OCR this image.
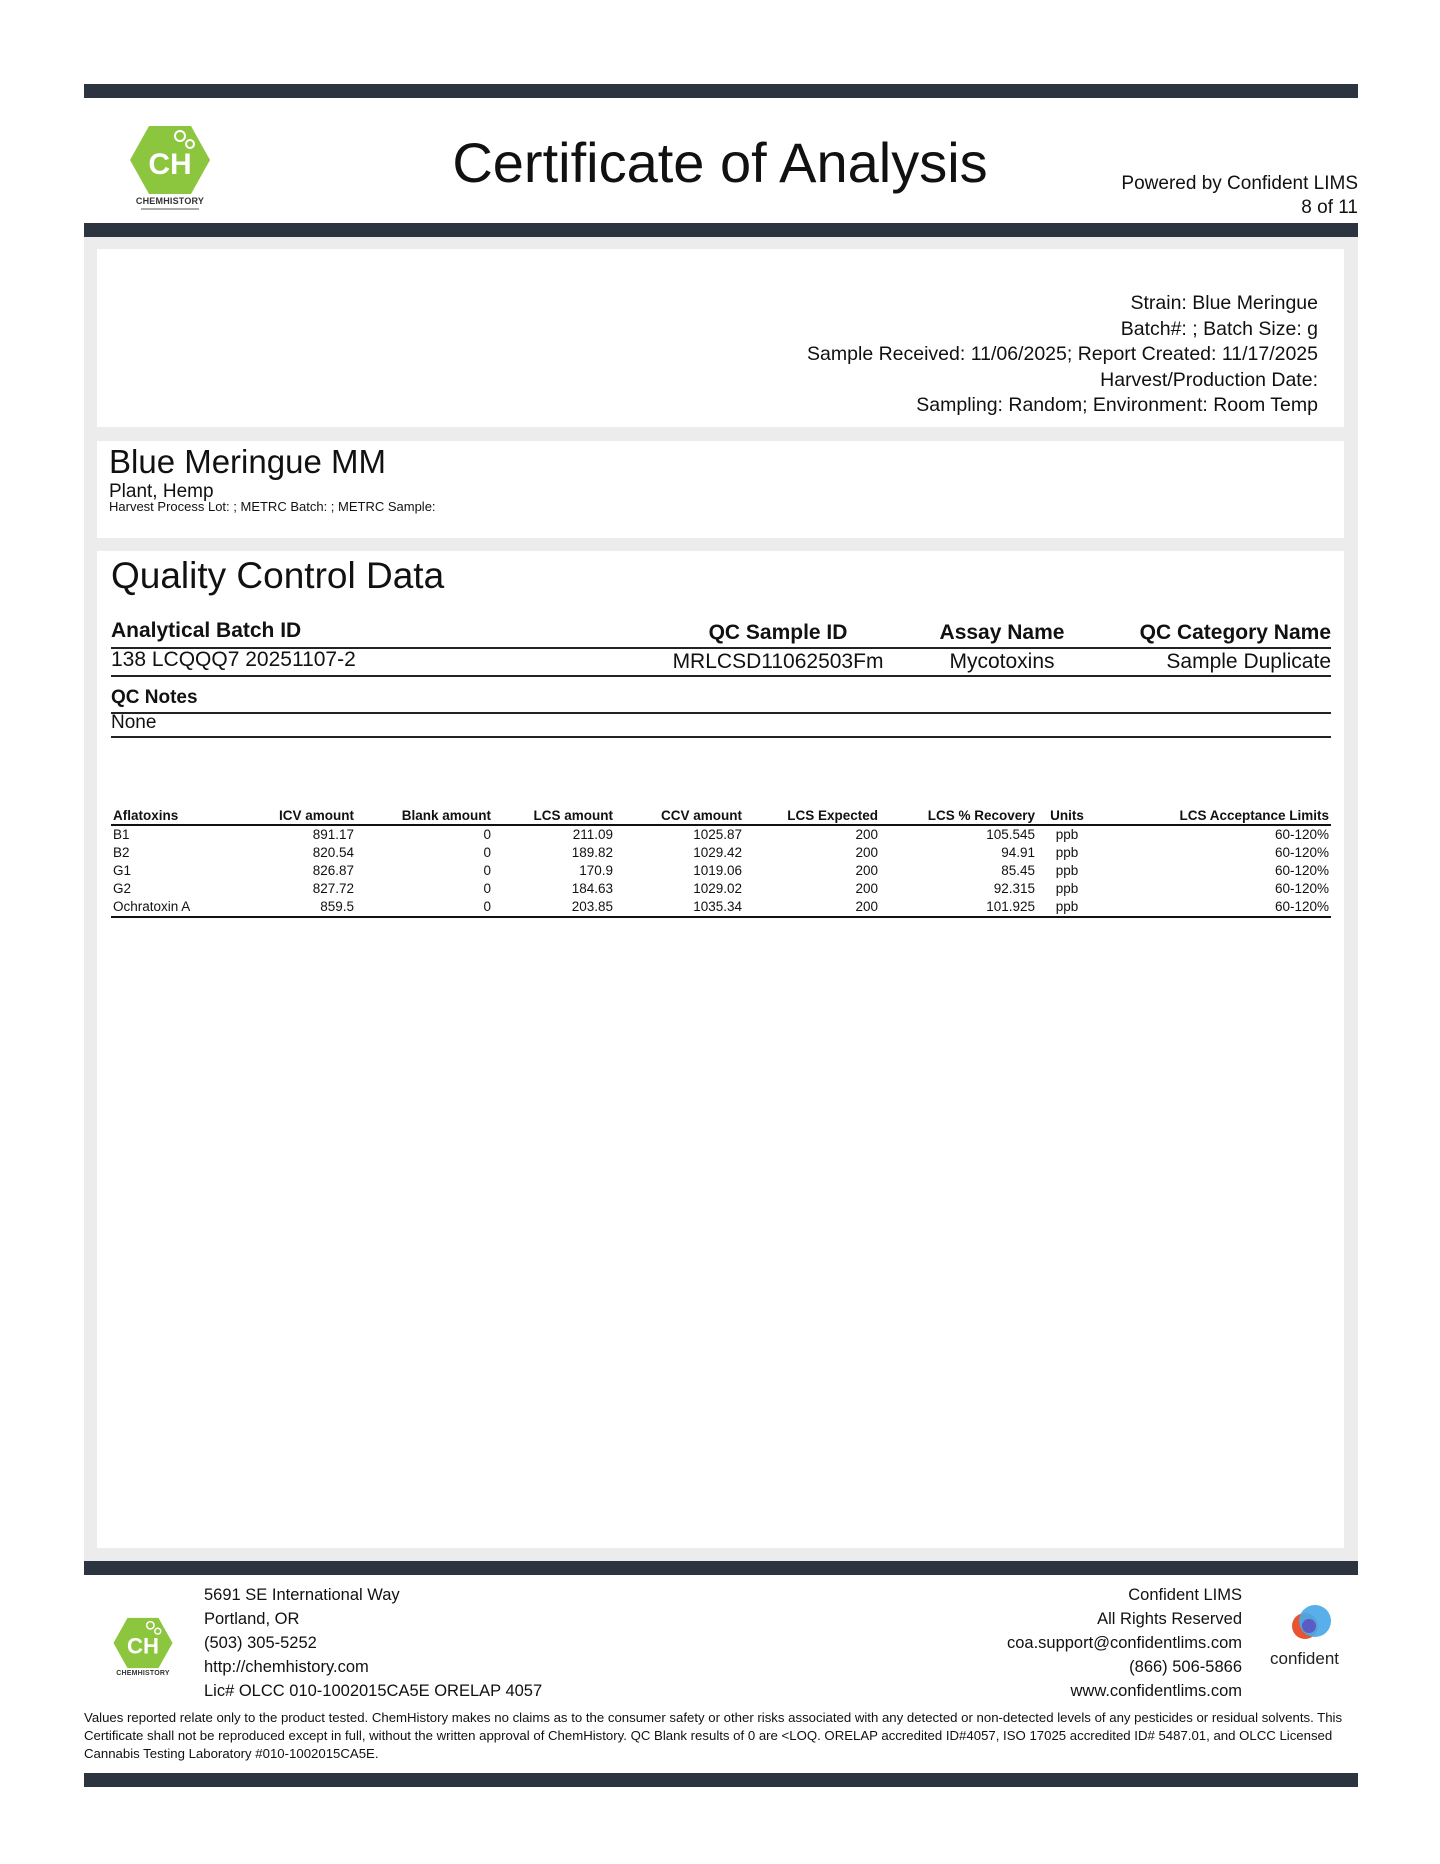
CH
CHEMHISTORY
Certificate of Analysis	Powered by Confident LIMS
8 of 11
Strain: Blue Meringue
Batch#: ; Batch Size: g
Sample Received: 11/06/2025; Report Created: 11/17/2025
Harvest/Production Date:
Sampling: Random; Environment: Room Temp
Blue Meringue MM
Plant, Hemp
Harvest Process Lot: ; METRC Batch: ; METRC Sample:
Quality Control Data
Analytical Batch ID	QC Sample ID	Assay Name	QC Category Name
138 LCQQQ7 20251107-2	MRLCSD11062503Fm	Mycotoxins	Sample Duplicate
QC Notes
None
Aflatoxins	ICV amount	Blank amount	LCS amount	CCV amount	LCS Expected	LCS % Recovery	Units	LCS Acceptance Limits
B1	891.17	0	211.09	1025.87	200	105.545	ppb	60-120%
B2	820.54	0	189.82	1029.42	200	94.91	ppb	60-120%
G1	826.87	0	170.9	1019.06	200	85.45	ppb	60-120%
G2	827.72	0	184.63	1029.02	200	92.315	ppb	60-120%
Ochratoxin A	859.5	0	203.85	1035.34	200	101.925	ppb	60-120%
CH
CHEMHISTORY
5691 SE International Way
Portland, OR
(503) 305-5252
http://chemhistory.com
Lic# OLCC 010-1002015CA5E ORELAP 4057
Confident LIMS
All Rights Reserved
coa.support@confidentlims.com
(866) 506-5866
www.confidentlims.com
confident
Values reported relate only to the product tested. ChemHistory makes no claims as to the consumer safety or other risks associated with any detected or non-detected levels of any pesticides or residual solvents. This Certificate shall not be reproduced except in full, without the written approval of ChemHistory. QC Blank results of 0 are <LOQ. ORELAP accredited ID#4057, ISO 17025 accredited ID# 5487.01, and OLCC Licensed Cannabis Testing Laboratory #010-1002015CA5E.
